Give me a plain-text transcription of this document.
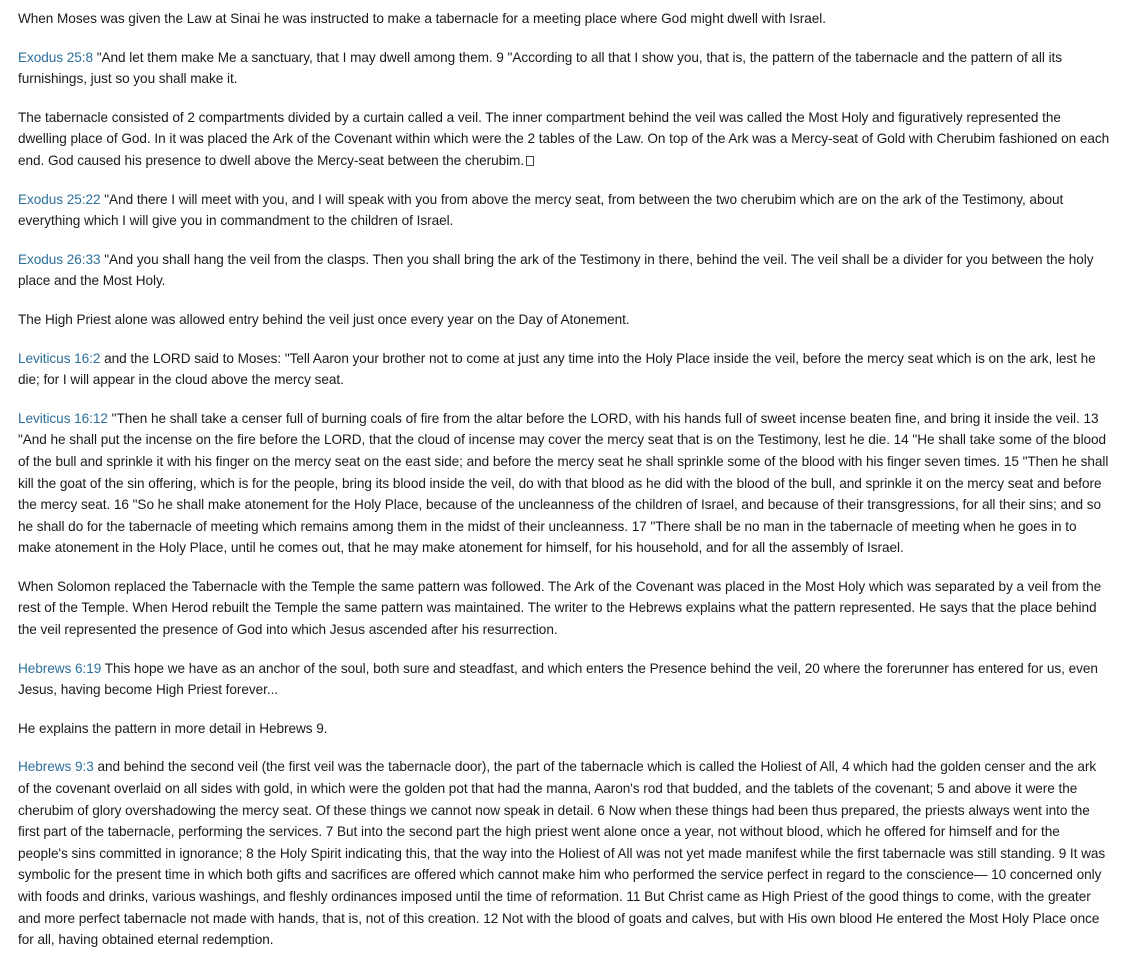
When Moses was given the Law at Sinai he was instructed to make a tabernacle for a meeting place where God might dwell with Israel.

Exodus 25:8 "And let them make Me a sanctuary, that I may dwell among them. 9 "According to all that I show you, that is, the pattern of the tabernacle and the pattern of all its furnishings, just so you shall make it.

The tabernacle consisted of 2 compartments divided by a curtain called a veil. The inner compartment behind the veil was called the Most Holy and figuratively represented the dwelling place of God. In it was placed the Ark of the Covenant within which were the 2 tables of the Law. On top of the Ark was a Mercy-seat of Gold with Cherubim fashioned on each end. God caused his presence to dwell above the Mercy-seat between the cherubim.

Exodus 25:22 "And there I will meet with you, and I will speak with you from above the mercy seat, from between the two cherubim which are on the ark of the Testimony, about everything which I will give you in commandment to the children of Israel.

Exodus 26:33 "And you shall hang the veil from the clasps. Then you shall bring the ark of the Testimony in there, behind the veil. The veil shall be a divider for you between the holy place and the Most Holy.

The High Priest alone was allowed entry behind the veil just once every year on the Day of Atonement.

Leviticus 16:2 and the LORD said to Moses: "Tell Aaron your brother not to come at just any time into the Holy Place inside the veil, before the mercy seat which is on the ark, lest he die; for I will appear in the cloud above the mercy seat.

Leviticus 16:12 "Then he shall take a censer full of burning coals of fire from the altar before the LORD, with his hands full of sweet incense beaten fine, and bring it inside the veil. 13 "And he shall put the incense on the fire before the LORD, that the cloud of incense may cover the mercy seat that is on the Testimony, lest he die. 14 "He shall take some of the blood of the bull and sprinkle it with his finger on the mercy seat on the east side; and before the mercy seat he shall sprinkle some of the blood with his finger seven times. 15 "Then he shall kill the goat of the sin offering, which is for the people, bring its blood inside the veil, do with that blood as he did with the blood of the bull, and sprinkle it on the mercy seat and before the mercy seat. 16 "So he shall make atonement for the Holy Place, because of the uncleanness of the children of Israel, and because of their transgressions, for all their sins; and so he shall do for the tabernacle of meeting which remains among them in the midst of their uncleanness. 17 "There shall be no man in the tabernacle of meeting when he goes in to make atonement in the Holy Place, until he comes out, that he may make atonement for himself, for his household, and for all the assembly of Israel.

When Solomon replaced the Tabernacle with the Temple the same pattern was followed. The Ark of the Covenant was placed in the Most Holy which was separated by a veil from the rest of the Temple. When Herod rebuilt the Temple the same pattern was maintained. The writer to the Hebrews explains what the pattern represented. He says that the place behind the veil represented the presence of God into which Jesus ascended after his resurrection.

Hebrews 6:19 This hope we have as an anchor of the soul, both sure and steadfast, and which enters the Presence behind the veil, 20 where the forerunner has entered for us, even Jesus, having become High Priest forever...

He explains the pattern in more detail in Hebrews 9.

Hebrews 9:3 and behind the second veil (the first veil was the tabernacle door), the part of the tabernacle which is called the Holiest of All, 4 which had the golden censer and the ark of the covenant overlaid on all sides with gold, in which were the golden pot that had the manna, Aaron's rod that budded, and the tablets of the covenant; 5 and above it were the cherubim of glory overshadowing the mercy seat. Of these things we cannot now speak in detail. 6 Now when these things had been thus prepared, the priests always went into the first part of the tabernacle, performing the services. 7 But into the second part the high priest went alone once a year, not without blood, which he offered for himself and for the people's sins committed in ignorance; 8 the Holy Spirit indicating this, that the way into the Holiest of All was not yet made manifest while the first tabernacle was still standing. 9 It was symbolic for the present time in which both gifts and sacrifices are offered which cannot make him who performed the service perfect in regard to the conscience— 10 concerned only with foods and drinks, various washings, and fleshly ordinances imposed until the time of reformation. 11 But Christ came as High Priest of the good things to come, with the greater and more perfect tabernacle not made with hands, that is, not of this creation. 12 Not with the blood of goats and calves, but with His own blood He entered the Most Holy Place once for all, having obtained eternal redemption.
